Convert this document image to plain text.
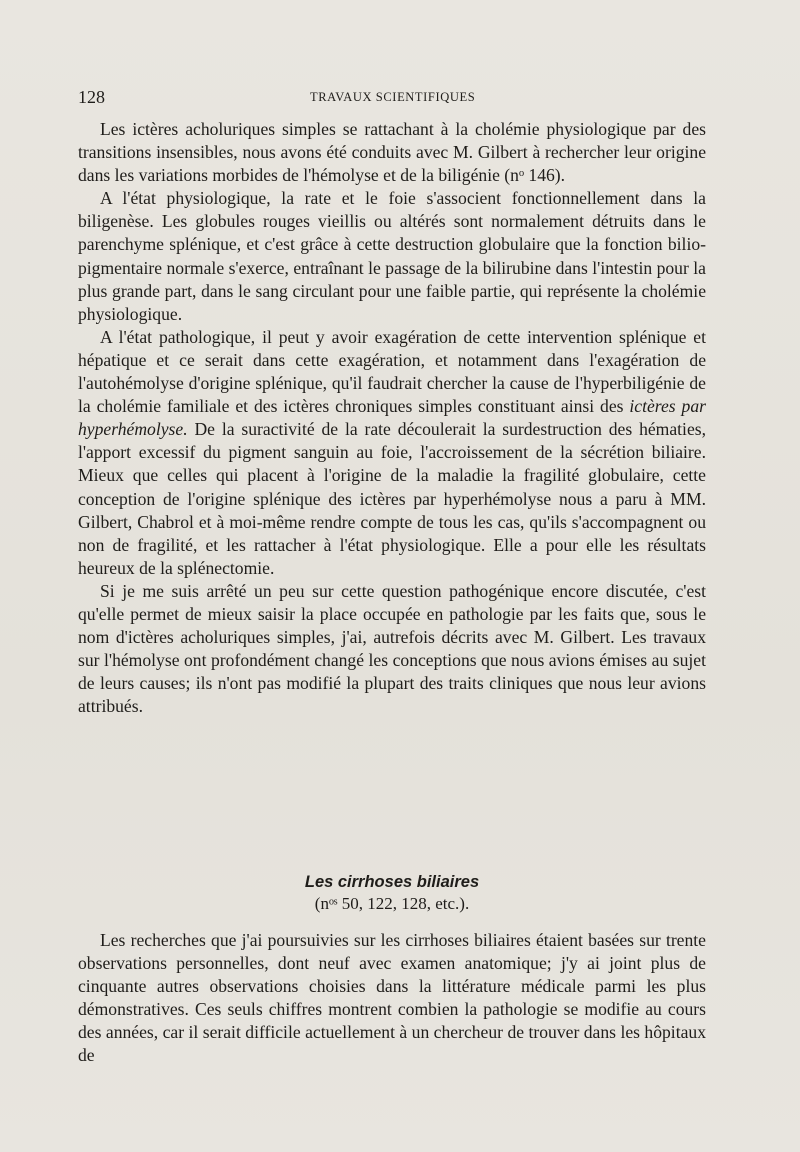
128	TRAVAUX SCIENTIFIQUES

Les ictères acholuriques simples se rattachant à la cholémie physiologique par des transitions insensibles, nous avons été conduits avec M. Gilbert à rechercher leur origine dans les variations morbides de l'hémolyse et de la biligénie (nᵒ 146).

A l'état physiologique, la rate et le foie s'associent fonctionnellement dans la biligenèse. Les globules rouges vieillis ou altérés sont normalement détruits dans le parenchyme splénique, et c'est grâce à cette destruction globulaire que la fonction bilio-pigmentaire normale s'exerce, entraînant le passage de la bilirubine dans l'intestin pour la plus grande part, dans le sang circulant pour une faible partie, qui représente la cholémie physiologique.

A l'état pathologique, il peut y avoir exagération de cette intervention splénique et hépatique et ce serait dans cette exagération, et notamment dans l'exagération de l'autohémolyse d'origine splénique, qu'il faudrait chercher la cause de l'hyperbiligénie de la cholémie familiale et des ictères chroniques simples constituant ainsi des ictères par hyperhémolyse. De la suractivité de la rate découlerait la surdestruction des hématies, l'apport excessif du pigment sanguin au foie, l'accroissement de la sécrétion biliaire. Mieux que celles qui placent à l'origine de la maladie la fragilité globulaire, cette conception de l'origine splénique des ictères par hyperhémolyse nous a paru à MM. Gilbert, Chabrol et à moi-même rendre compte de tous les cas, qu'ils s'accompagnent ou non de fragilité, et les rattacher à l'état physiologique. Elle a pour elle les résultats heureux de la splénectomie.

Si je me suis arrêté un peu sur cette question pathogénique encore discutée, c'est qu'elle permet de mieux saisir la place occupée en pathologie par les faits que, sous le nom d'ictères acholuriques simples, j'ai, autrefois décrits avec M. Gilbert. Les travaux sur l'hémolyse ont profondément changé les conceptions que nous avions émises au sujet de leurs causes; ils n'ont pas modifié la plupart des traits cliniques que nous leur avions attribués.

Les cirrhoses biliaires
(nᵒˢ 50, 122, 128, etc.).

Les recherches que j'ai poursuivies sur les cirrhoses biliaires étaient basées sur trente observations personnelles, dont neuf avec examen anatomique; j'y ai joint plus de cinquante autres observations choisies dans la littérature médicale parmi les plus démonstratives. Ces seuls chiffres montrent combien la pathologie se modifie au cours des années, car il serait difficile actuellement à un chercheur de trouver dans les hôpitaux de
